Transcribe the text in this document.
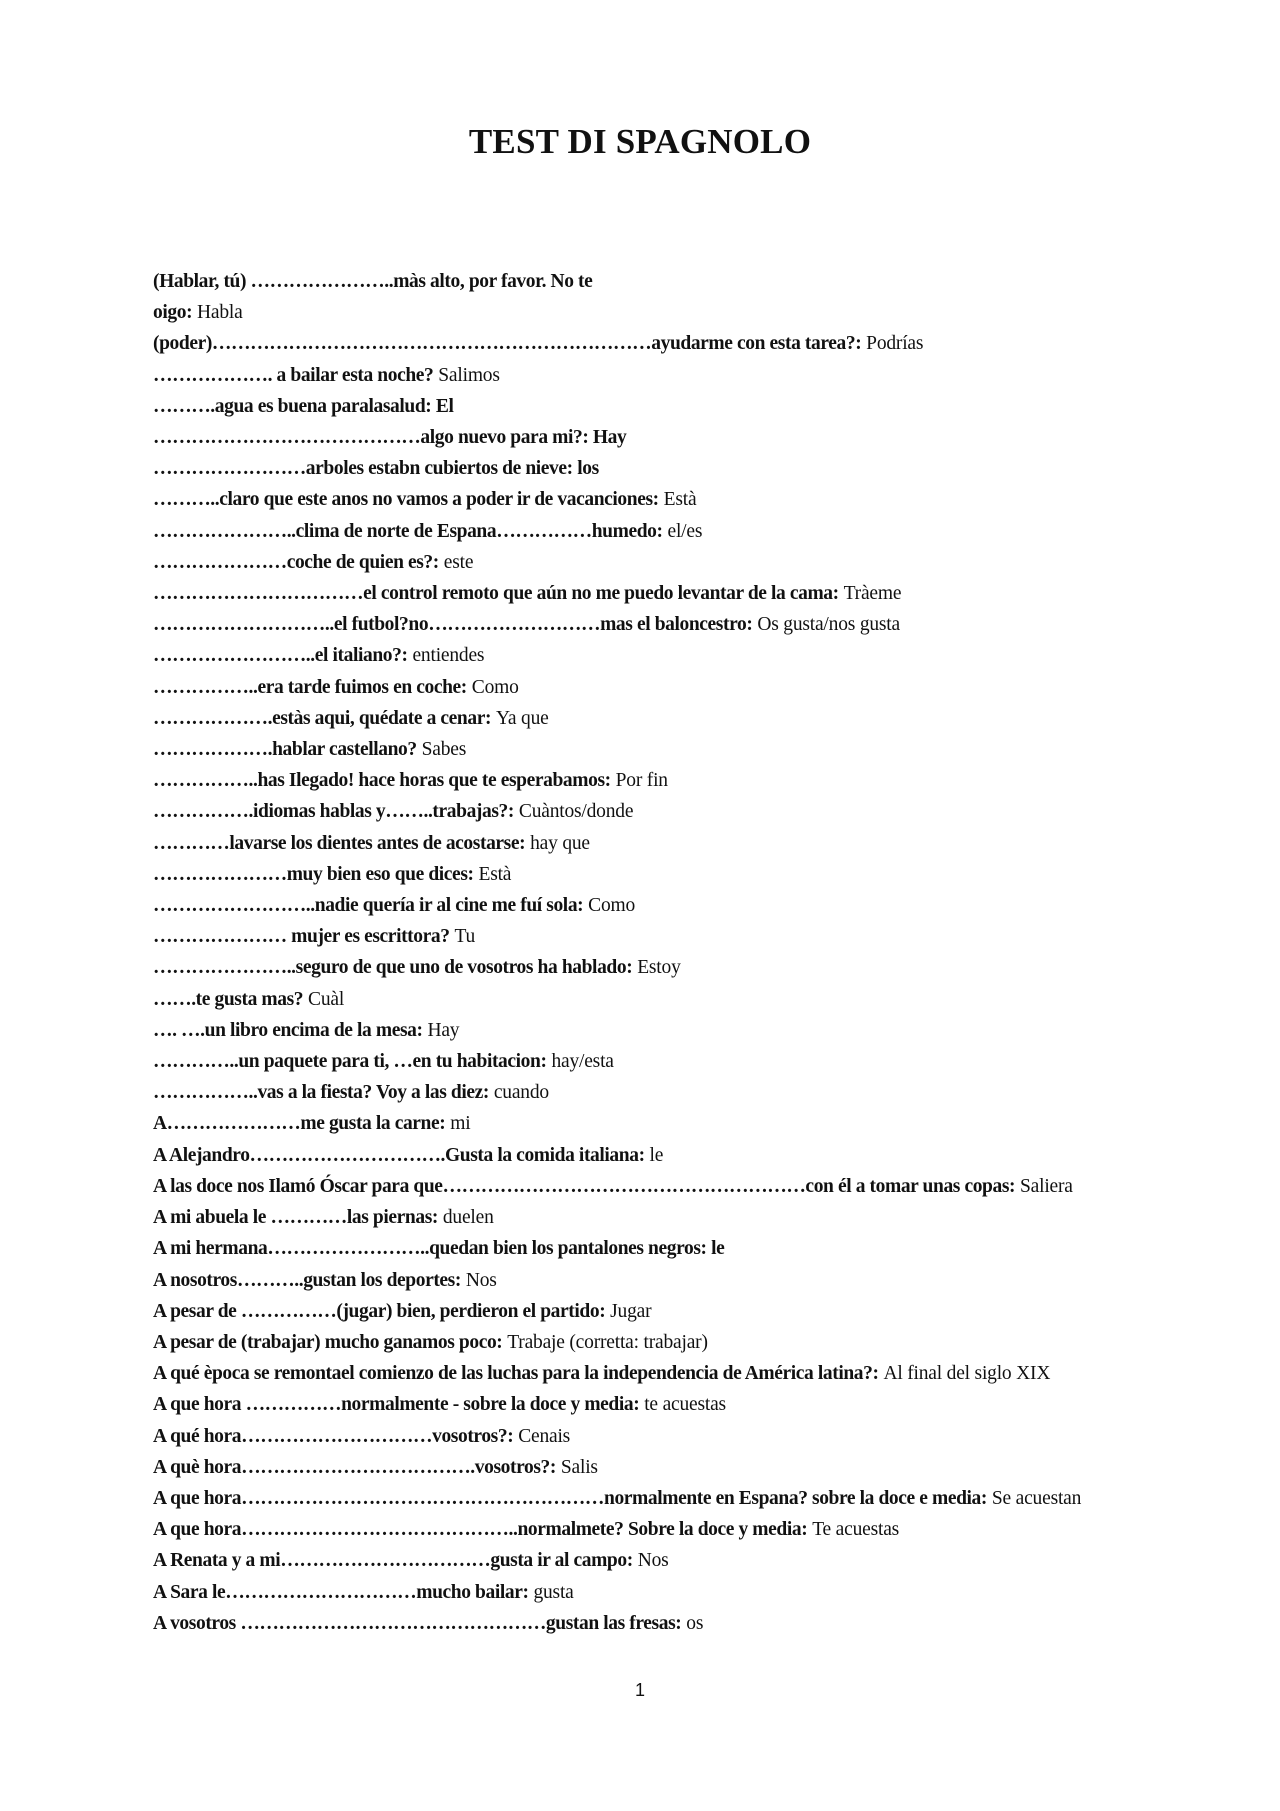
TEST DI SPAGNOLO
(Hablar, tú) …………………..màs alto, por favor. No te
oigo: Habla
(poder)……………………………………………………………ayudarme con esta tarea?: Podrías
………………. a bailar esta noche? Salimos
……….agua es buena paralasalud: El
……………………………………algo nuevo para mi?: Hay
……………………arboles estabn cubiertos de nieve: los
………..claro que este anos no vamos a poder ir de vacanciones: Està
…………………..clima de norte de Espana……………humedo: el/es
…………………coche de quien es?: este
……………………………el control remoto que aún no me puedo levantar de la cama: Tràeme
………………………..el futbol?no………………………mas el baloncestro: Os gusta/nos gusta
……………………..el italiano?: entiendes
……………..era tarde fuimos en coche: Como
……………….estàs aqui, quédate a cenar: Ya que
……………….hablar castellano? Sabes
……………..has Ilegado! hace horas que te esperabamos: Por fin
…………….idiomas hablas y……..trabajas?: Cuàntos/donde
…………lavarse los dientes antes de acostarse: hay que
…………………muy bien eso que dices: Està
……………………..nadie quería ir al cine me fuí sola: Como
………………… mujer es escrittora? Tu
…………………..seguro de que uno de vosotros ha hablado: Estoy
…….te gusta mas? Cuàl
…. ….un libro encima de la mesa: Hay
…………..un paquete para ti, …en tu habitacion: hay/esta
……………..vas a la fiesta? Voy a las diez: cuando
A…………………me gusta la carne: mi
A Alejandro………………………….Gusta la comida italiana: le
A las doce nos Ilamó Óscar para que…………………………………………………con él a tomar unas copas: Saliera
A mi abuela le …………las piernas: duelen
A mi hermana……………………..quedan bien los pantalones negros: le
A nosotros………..gustan los deportes: Nos
A pesar de ……………(jugar) bien, perdieron el partido: Jugar
A pesar de (trabajar) mucho ganamos poco: Trabaje (corretta: trabajar)
A qué època se remontael comienzo de las luchas para la independencia de América latina?: Al final del siglo XIX
A que hora ……………normalmente - sobre la doce y media: te acuestas
A qué hora…………………………vosotros?: Cenais
A què hora……………………………….vosotros?: Salis
A que hora…………………………………………………normalmente en Espana? sobre la doce e media: Se acuestan
A que hora……………………………………..normalmete? Sobre la doce y media: Te acuestas
A Renata y a mi……………………………gusta ir al campo: Nos
A Sara le…………………………mucho bailar: gusta
A vosotros …………………………………………gustan las fresas: os
1
